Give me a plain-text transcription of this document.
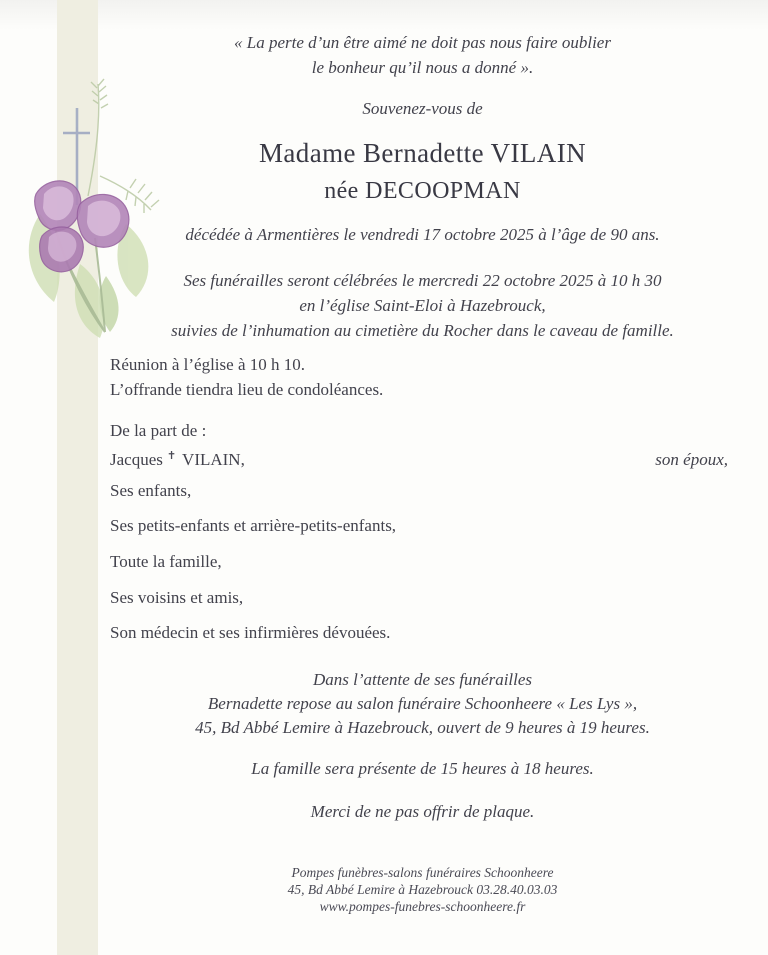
« La perte d’un être aimé ne doit pas nous faire oublier
le bonheur qu’il nous a donné ».
Souvenez-vous de
Madame Bernadette VILAIN
née DECOOPMAN
décédée à Armentières le vendredi 17 octobre 2025 à l’âge de 90 ans.
Ses funérailles seront célébrées le mercredi 22 octobre 2025 à 10 h 30
en l’église Saint-Eloi à Hazebrouck,
suivies de l’inhumation au cimetière du Rocher dans le caveau de famille.
Réunion à l’église à 10 h 10.
L’offrande tiendra lieu de condoléances.
De la part de :
Jacques ✝ VILAIN,	son époux,
Ses enfants,
Ses petits-enfants et arrière-petits-enfants,
Toute la famille,
Ses voisins et amis,
Son médecin et ses infirmières dévouées.
Dans l’attente de ses funérailles
Bernadette repose au salon funéraire Schoonheere « Les Lys »,
45, Bd Abbé Lemire à Hazebrouck, ouvert de 9 heures à 19 heures.
La famille sera présente de 15 heures à 18 heures.
Merci de ne pas offrir de plaque.
Pompes funèbres-salons funéraires Schoonheere
45, Bd Abbé Lemire à Hazebrouck 03.28.40.03.03
www.pompes-funebres-schoonheere.fr
